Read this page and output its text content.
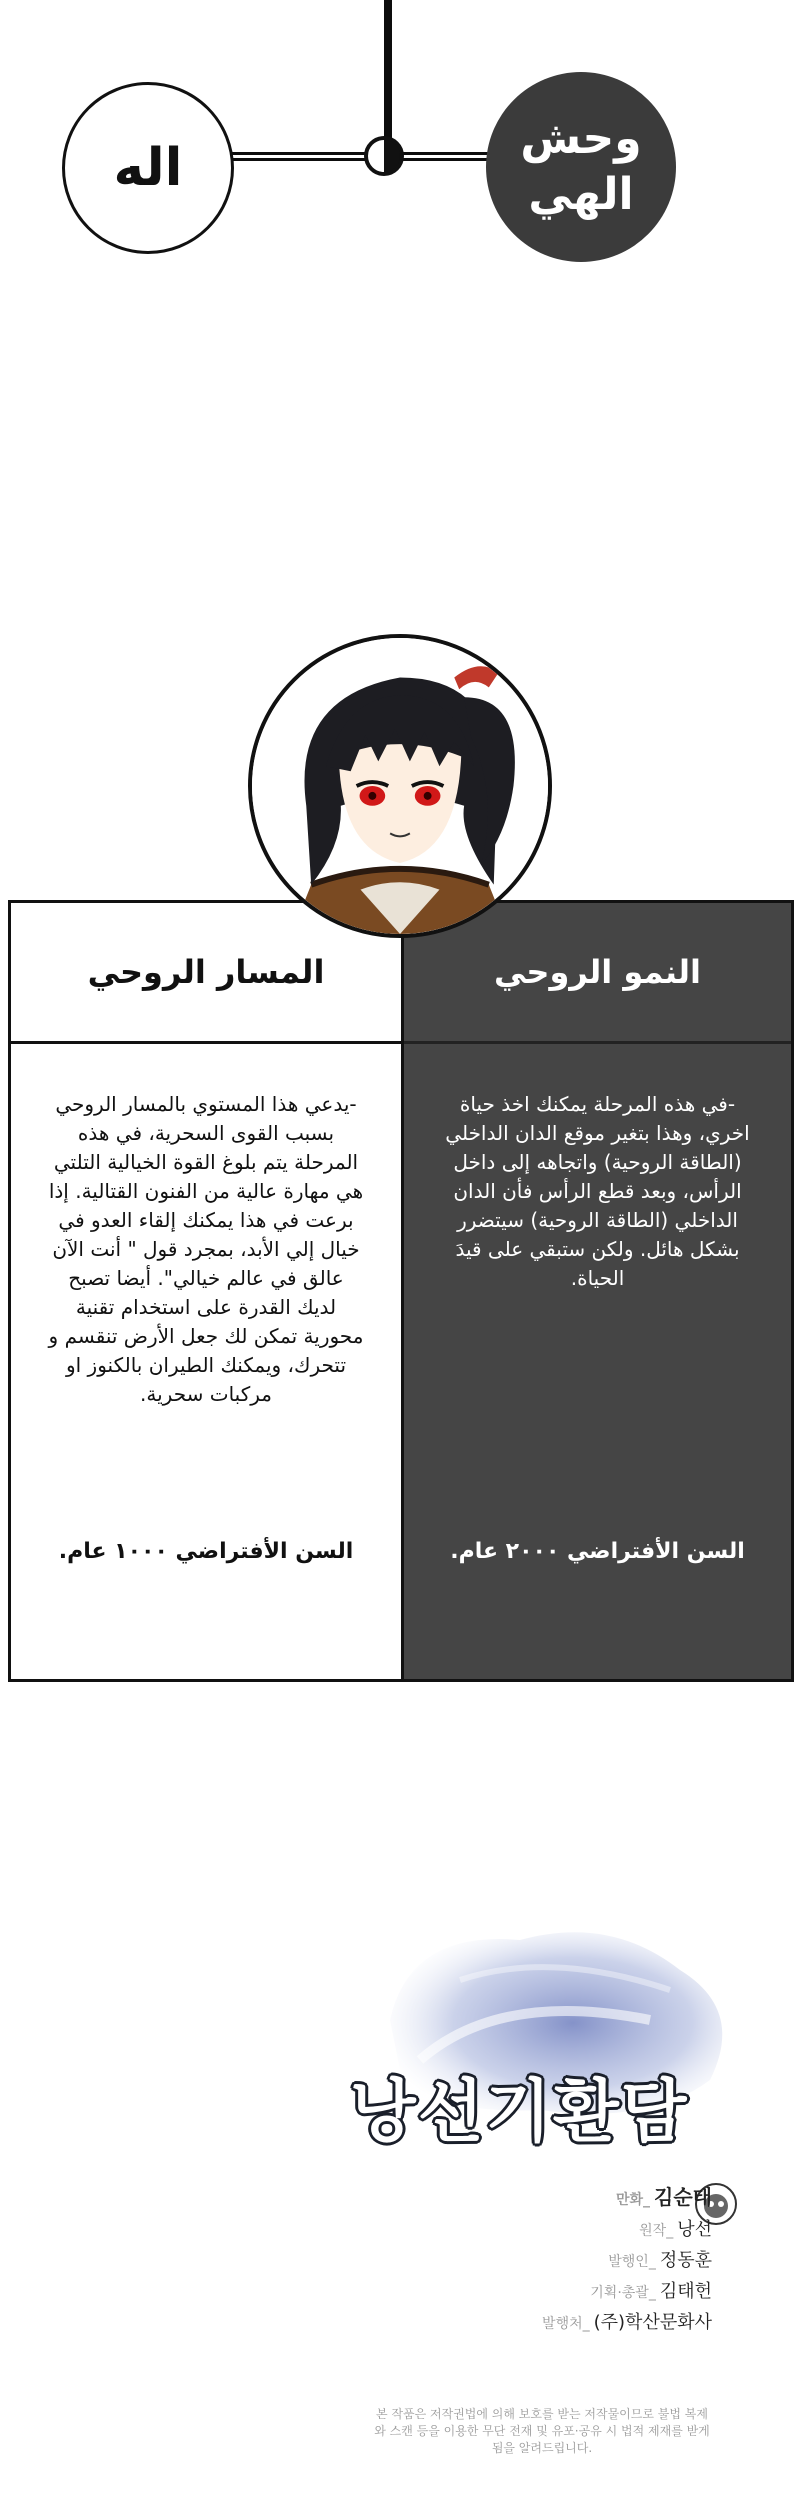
اله	وحش
الهي
المسار الروحي
-يدعي هذا المستوي بالمسار الروحي بسبب القوى السحرية، في هذه المرحلة يتم بلوغ القوة الخيالية التلتي هي مهارة عالية من الفنون القتالية. إذا برعت في هذا يمكنك إلقاء العدو في خيال إلي الأبد، بمجرد قول " أنت الآن عالق في عالم خيالي". أيضا تصبح لديك القدرة على استخدام تقنية محورية تمكن لك جعل الأرض تنقسم و تتحرك، ويمكنك الطيران بالكنوز او مركبات سحرية.
السن الأفتراضي ١٠٠٠ عام.
النمو الروحي
-في هذه المرحلة يمكنك اخذ حياة اخري، وهذا بتغير موقع الدان الداخلي (الطاقة الروحية) واتجاهه إلى داخل الرأس، وبعد قطع الرأس فأن الدان الداخلي (الطاقة الروحية) سيتضرر بشكل هائل. ولكن ستبقي على قيدَ الحياة.
السن الأفتراضي ٢٠٠٠ عام.
낭선기환담
만화_ 김순태
원작_ 낭선
발행인_ 정동훈
기획·총괄_ 김태헌
발행처_ (주)학산문화사
본 작품은 저작권법에 의해 보호를 받는 저작물이므로 불법 복제와 스캔 등을 이용한 무단 전재 및 유포·공유 시 법적 제재를 받게 됨을 알려드립니다.
